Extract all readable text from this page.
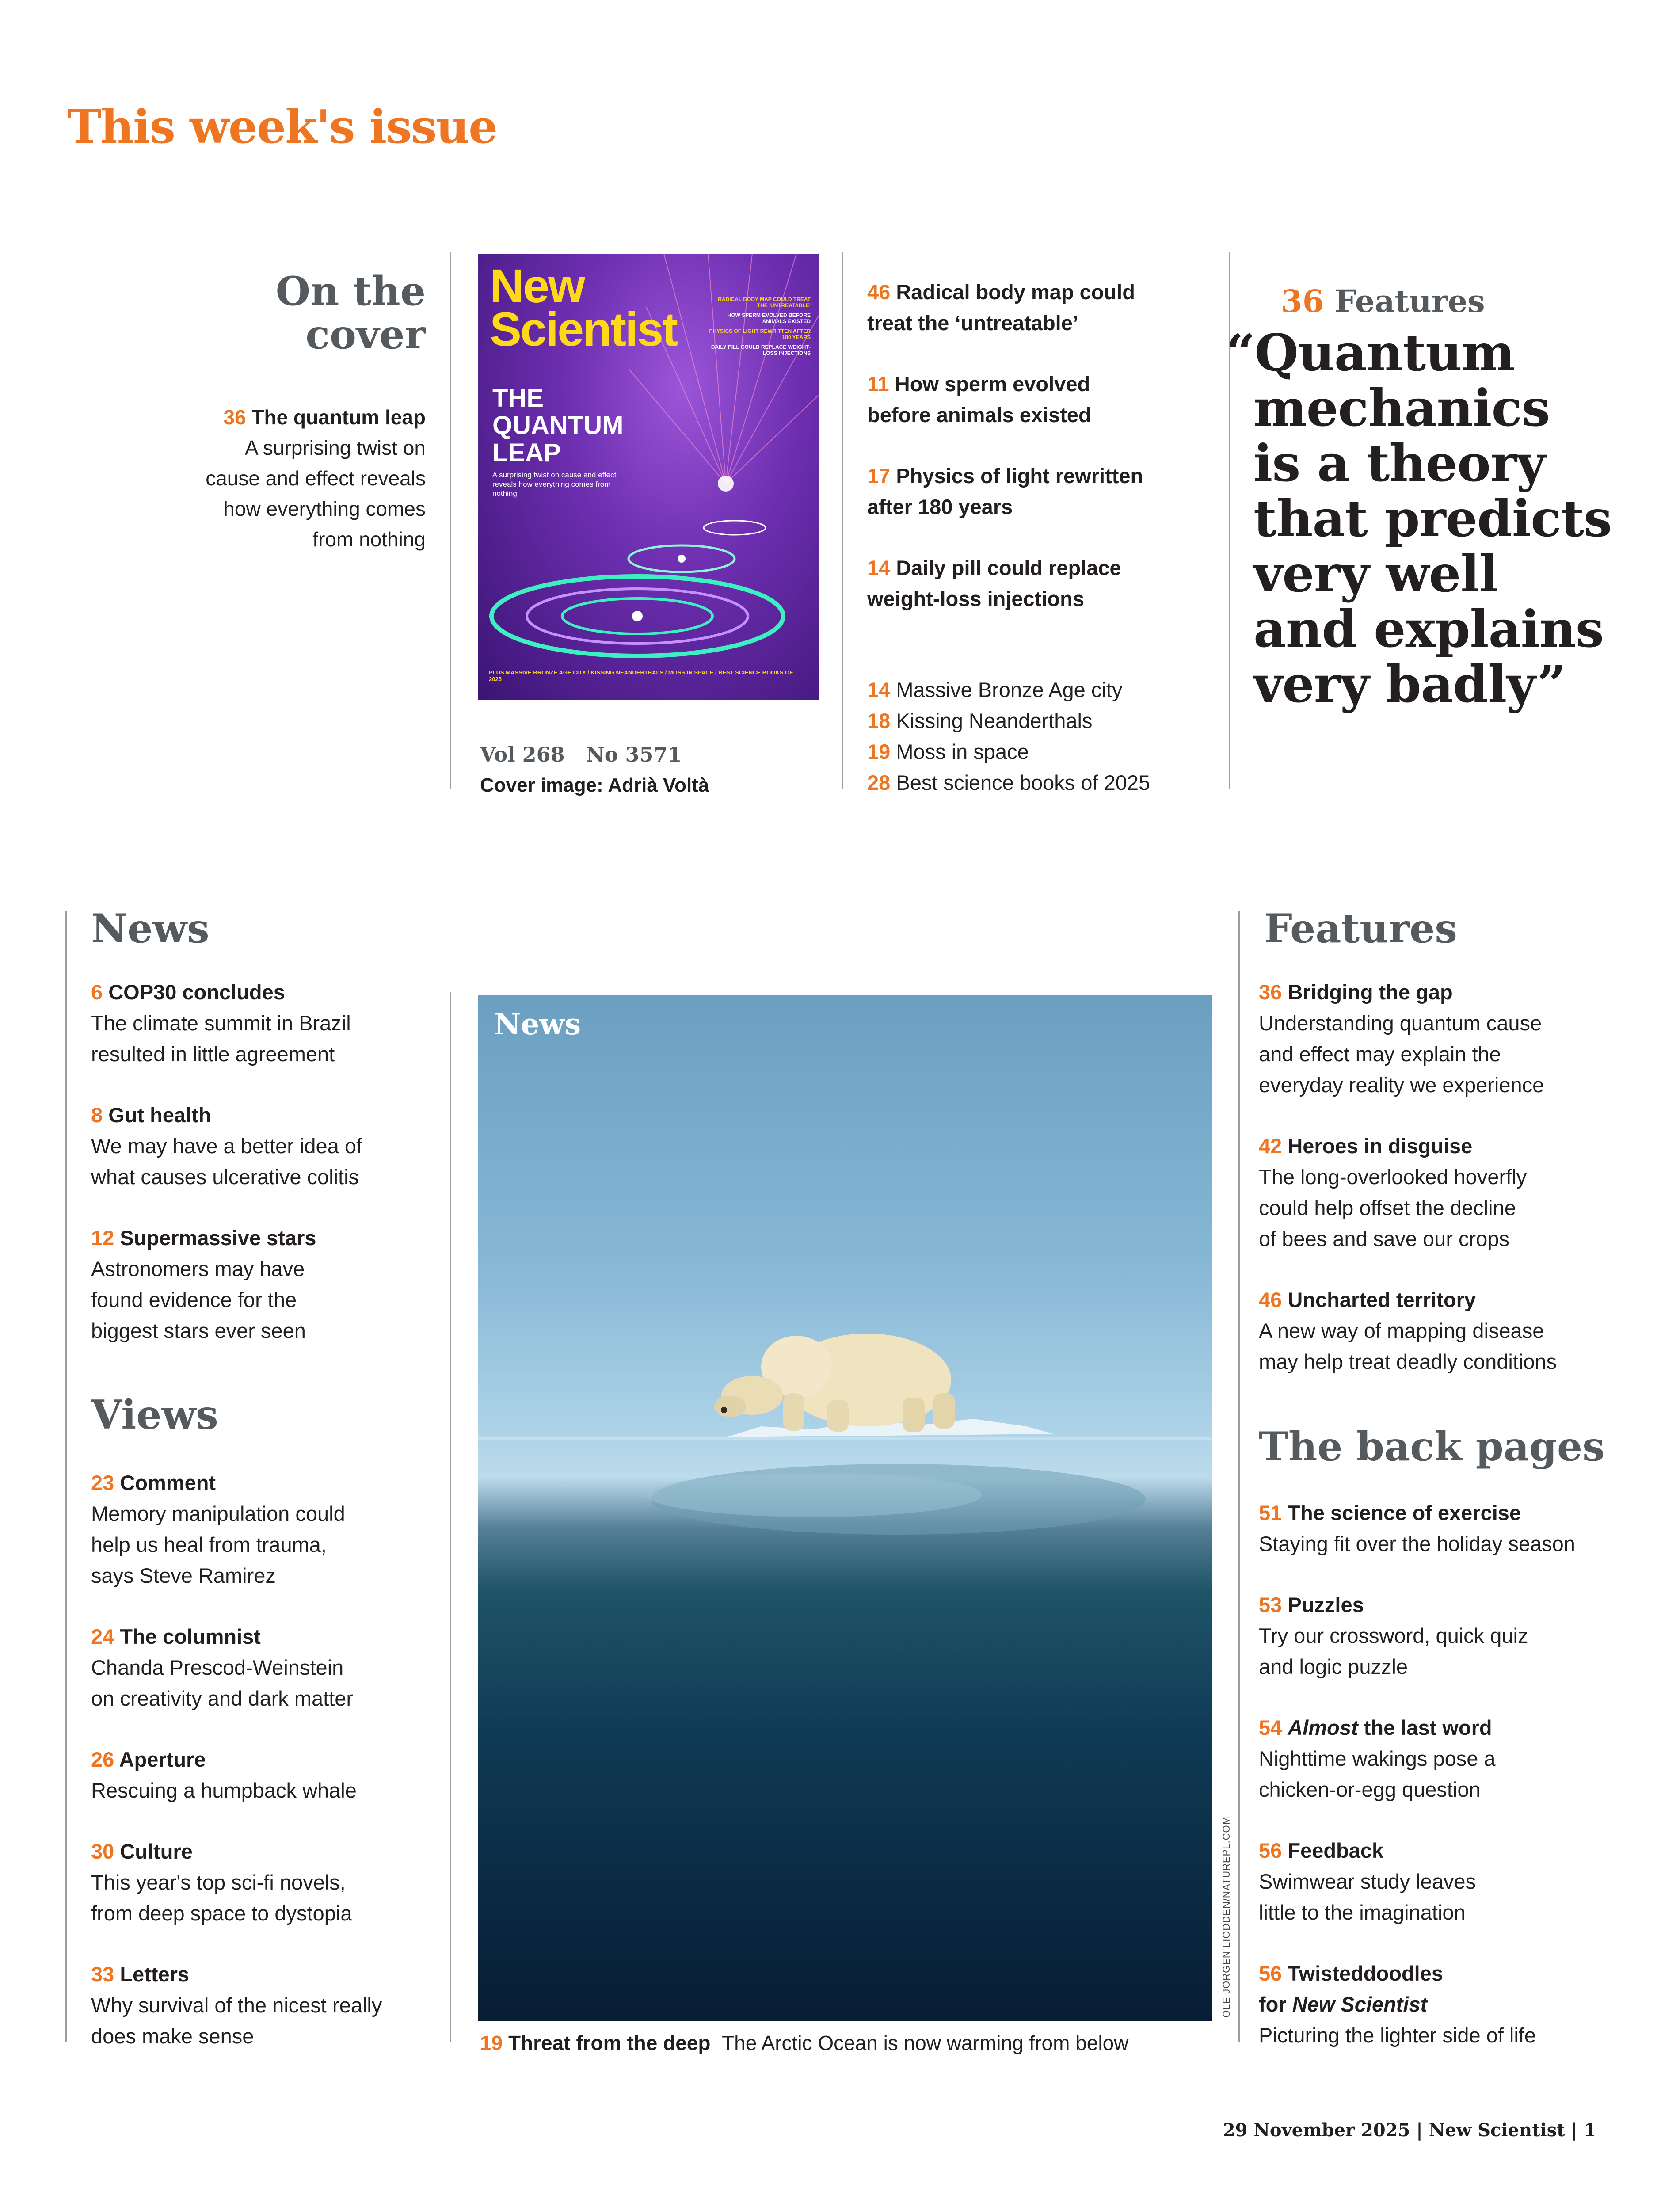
This week's issue
On the
cover
36 The quantum leap
A surprising twist on
cause and effect reveals
how everything comes
from nothing
New
Scientist
RADICAL BODY MAP COULD TREAT THE 'UNTREATABLE'
HOW SPERM EVOLVED BEFORE ANIMALS EXISTED
PHYSICS OF LIGHT REWRITTEN AFTER 180 YEARS
DAILY PILL COULD REPLACE WEIGHT-LOSS INJECTIONS
THE
QUANTUM
LEAP
A surprising twist on cause and effect reveals how everything comes from nothing
PLUS MASSIVE BRONZE AGE CITY / KISSING NEANDERTHALS / MOSS IN SPACE / BEST SCIENCE BOOKS OF 2025
Vol 268 No 3571
Cover image: Adrià Voltà
46 Radical body map could
treat the ‘untreatable’
11 How sperm evolved
before animals existed
17 Physics of light rewritten
after 180 years
14 Daily pill could replace
weight-loss injections
14 Massive Bronze Age city
18 Kissing Neanderthals
19 Moss in space
28 Best science books of 2025
36 Features
“Quantum
mechanics
is a theory
that predicts
very well
and explains
very badly”
News
6 COP30 concludes
The climate summit in Brazil
resulted in little agreement
8 Gut health
We may have a better idea of
what causes ulcerative colitis
12 Supermassive stars
Astronomers may have
found evidence for the
biggest stars ever seen
Views
23 Comment
Memory manipulation could
help us heal from trauma,
says Steve Ramirez
24 The columnist
Chanda Prescod-Weinstein
on creativity and dark matter
26 Aperture
Rescuing a humpback whale
30 Culture
This year's top sci-fi novels,
from deep space to dystopia
33 Letters
Why survival of the nicest really
does make sense
News
OLE JORGEN LIODDEN/NATUREPL.COM
19 Threat from the deep The Arctic Ocean is now warming from below
Features
36 Bridging the gap
Understanding quantum cause
and effect may explain the
everyday reality we experience
42 Heroes in disguise
The long-overlooked hoverfly
could help offset the decline
of bees and save our crops
46 Uncharted territory
A new way of mapping disease
may help treat deadly conditions
The back pages
51 The science of exercise
Staying fit over the holiday season
53 Puzzles
Try our crossword, quick quiz
and logic puzzle
54 Almost the last word
Nighttime wakings pose a
chicken-or-egg question
56 Feedback
Swimwear study leaves
little to the imagination
56 Twisteddoodles
for New Scientist
Picturing the lighter side of life
29 November 2025 | New Scientist | 1
